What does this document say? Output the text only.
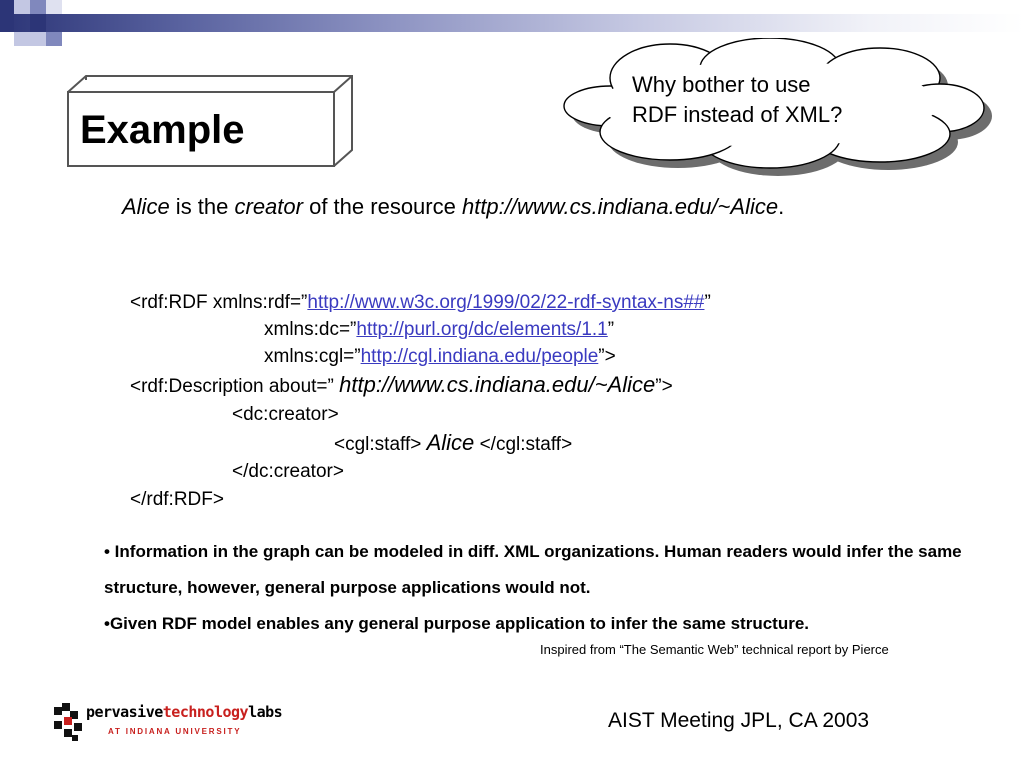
Example
Why bother to use
RDF instead of XML?
Alice is the creator of the resource http://www.cs.indiana.edu/~Alice.
<rdf:RDF xmlns:rdf=”http://www.w3c.org/1999/02/22-rdf-syntax-ns##”
xmlns:dc=”http://purl.org/dc/elements/1.1”
xmlns:cgl=”http://cgl.indiana.edu/people”>
<rdf:Description about=” http://www.cs.indiana.edu/~Alice”>
<dc:creator>
<cgl:staff> Alice </cgl:staff>
</dc:creator>
</rdf:RDF>

• Information in the graph can be modeled in diff. XML organizations. Human readers would infer the same structure, however, general purpose applications would not.

•Given RDF model enables any general purpose application to infer the same structure.

Inspired from “The Semantic Web” technical report by Pierce
pervasivetechnologylabs
AT INDIANA UNIVERSITY	AIST Meeting JPL, CA 2003
